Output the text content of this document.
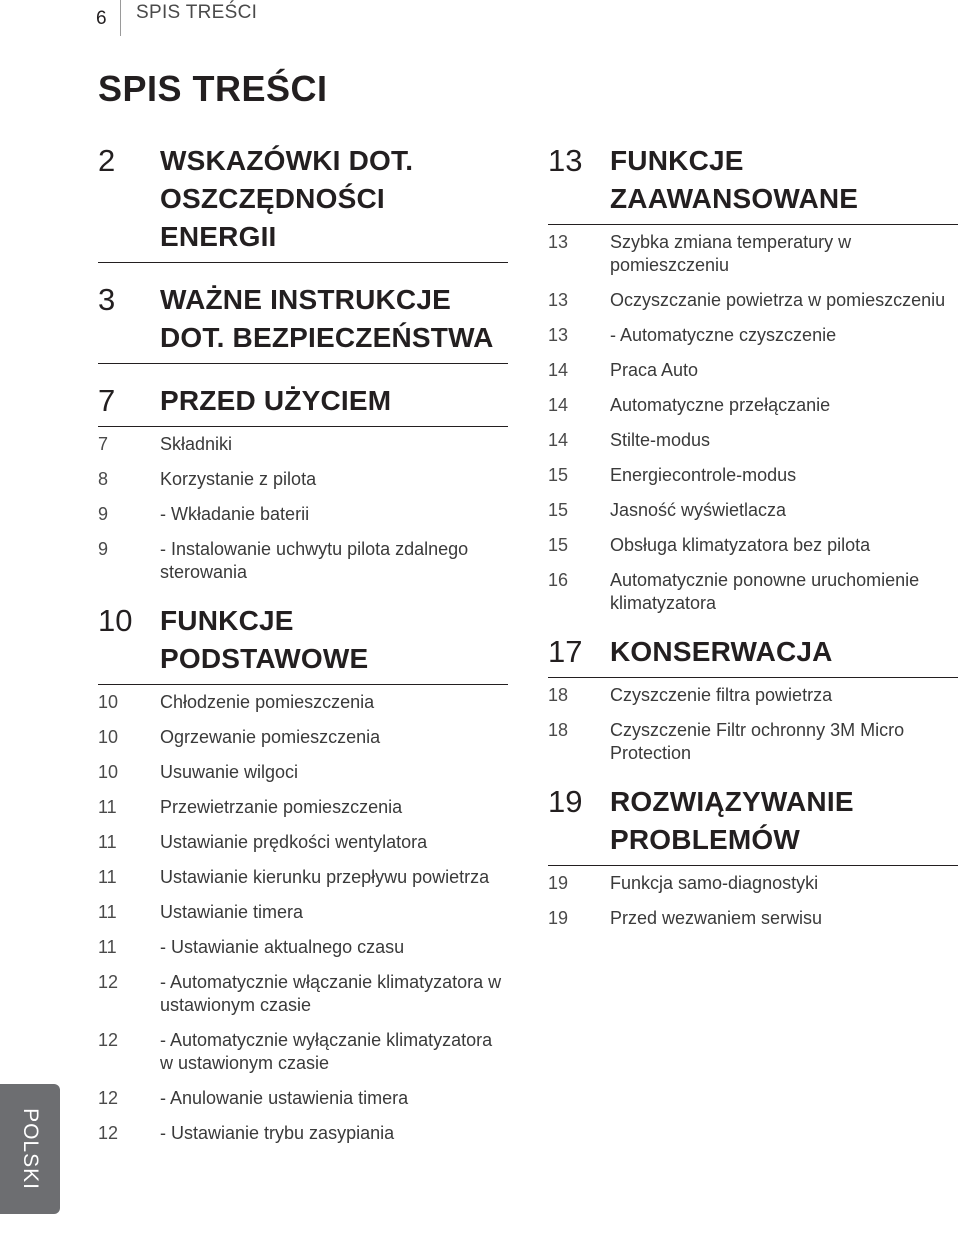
6 SPIS TREŚCI
SPIS TREŚCI
2	WSKAZÓWKI DOT. OSZCZĘDNOŚCI ENERGII
3	WAŻNE INSTRUKCJE DOT. BEZPIECZEŃSTWA
7	PRZED UŻYCIEM
7	Składniki
8	Korzystanie z pilota
9	- Wkładanie baterii
9	- Instalowanie uchwytu pilota zdalnego sterowania
10 FUNKCJE PODSTAWOWE
10	Chłodzenie pomieszczenia
10	Ogrzewanie pomieszczenia
10	Usuwanie wilgoci
11	Przewietrzanie pomieszczenia
11	Ustawianie prędkości wentylatora
11	Ustawianie kierunku przepływu powietrza
11	Ustawianie timera
11	- Ustawianie aktualnego czasu
12	- Automatycznie włączanie klimatyzatora w ustawionym czasie
12	- Automatycznie wyłączanie klimatyzatora w ustawionym czasie
12	- Anulowanie ustawienia timera
12	- Ustawianie trybu zasypiania
13 FUNKCJE ZAAWANSOWANE
13	Szybka zmiana temperatury w pomieszczeniu
13	Oczyszczanie powietrza w pomieszczeniu
13	- Automatyczne czyszczenie
14	Praca Auto
14	Automatyczne przełączanie
14	Stilte-modus
15	Energiecontrole-modus
15	Jasność wyświetlacza
15	Obsługa klimatyzatora bez pilota
16	Automatycznie ponowne uruchomienie klimatyzatora
17 KONSERWACJA
18	Czyszczenie filtra powietrza
18	Czyszczenie Filtr ochronny 3M Micro Protection
19 ROZWIĄZYWANIE PROBLEMÓW
19	Funkcja samo-diagnostyki
19	Przed wezwaniem serwisu
POLSKI
